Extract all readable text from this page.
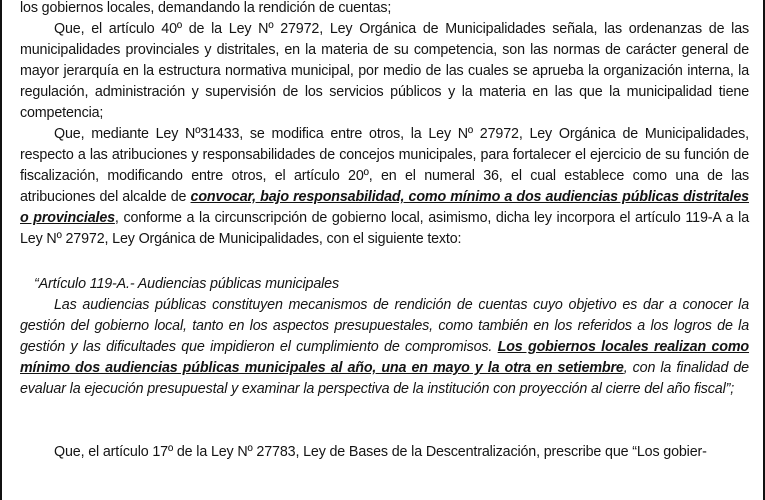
los gobiernos locales, demandando la rendición de cuentas;

Que, el artículo 40º de la Ley Nº 27972, Ley Orgánica de Municipalidades señala, las ordenanzas de las municipalidades provinciales y distritales, en la materia de su competencia, son las normas de carácter general de mayor jerarquía en la estructura normativa municipal, por medio de las cuales se aprueba la organización interna, la regulación, administración y supervisión de los servicios públicos y la materia en las que la municipalidad tiene competencia;

Que, mediante Ley Nº31433, se modifica entre otros, la Ley Nº 27972, Ley Orgánica de Municipalidades, respecto a las atribuciones y responsabilidades de concejos municipales, para fortalecer el ejercicio de su función de fiscalización, modificando entre otros, el artículo 20º, en el numeral 36, el cual establece como una de las atribuciones del alcalde de convocar, bajo responsabilidad, como mínimo a dos audiencias públicas distritales o provinciales, conforme a la circunscripción de gobierno local, asimismo, dicha ley incorpora el artículo 119-A a la Ley Nº 27972, Ley Orgánica de Municipalidades, con el siguiente texto:

“Artículo 119-A.- Audiencias públicas municipales

Las audiencias públicas constituyen mecanismos de rendición de cuentas cuyo objetivo es dar a conocer la gestión del gobierno local, tanto en los aspectos presupuestales, como también en los referidos a los logros de la gestión y las dificultades que impidieron el cumplimiento de compromisos. Los gobiernos locales realizan como mínimo dos audiencias públicas municipales al año, una en mayo y la otra en setiembre, con la finalidad de evaluar la ejecución presupuestal y examinar la perspectiva de la institución con proyección al cierre del año fiscal”;

Que, el artículo 17º de la Ley Nº 27783, Ley de Bases de la Descentralización, prescribe que “Los gobier-
